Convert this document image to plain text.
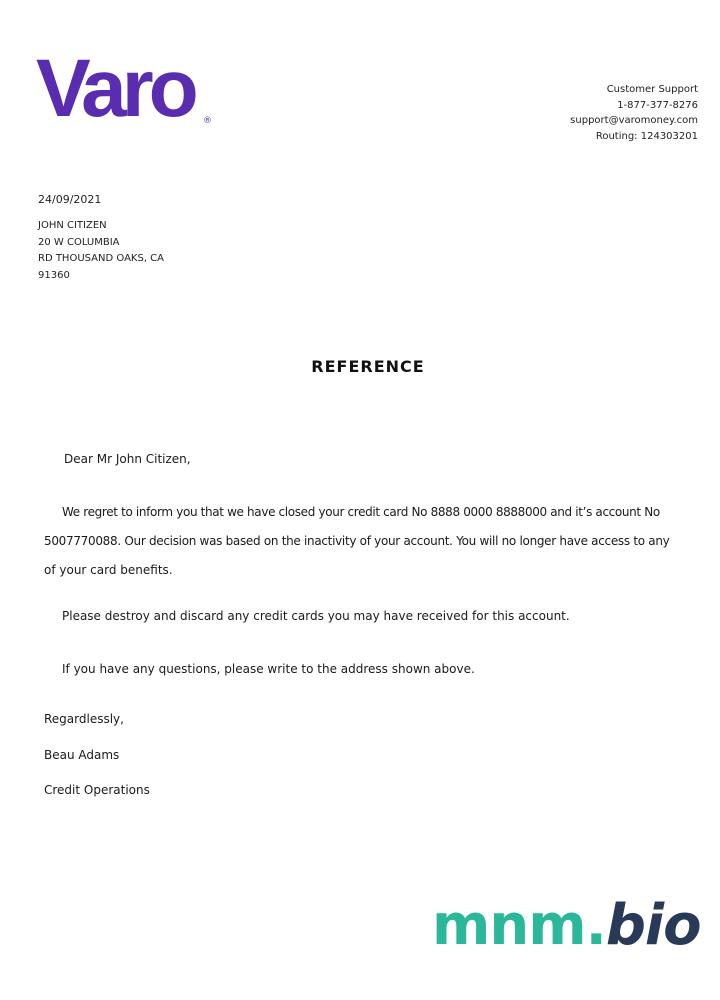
Varo ®
Customer Support
1-877-377-8276
support@varomoney.com
Routing: 124303201
24/09/2021
JOHN CITIZEN
20 W COLUMBIA
RD THOUSAND OAKS, CA
91360
REFERENCE
Dear Mr John Citizen,
We regret to inform you that we have closed your credit card No 8888 0000 8888000 and it’s account No
5007770088. Our decision was based on the inactivity of your account. You will no longer have access to any
of your card benefits.
Please destroy and discard any credit cards you may have received for this account.
If you have any questions, please write to the address shown above.
Regardlessly,
Beau Adams
Credit Operations
mnm.bio
